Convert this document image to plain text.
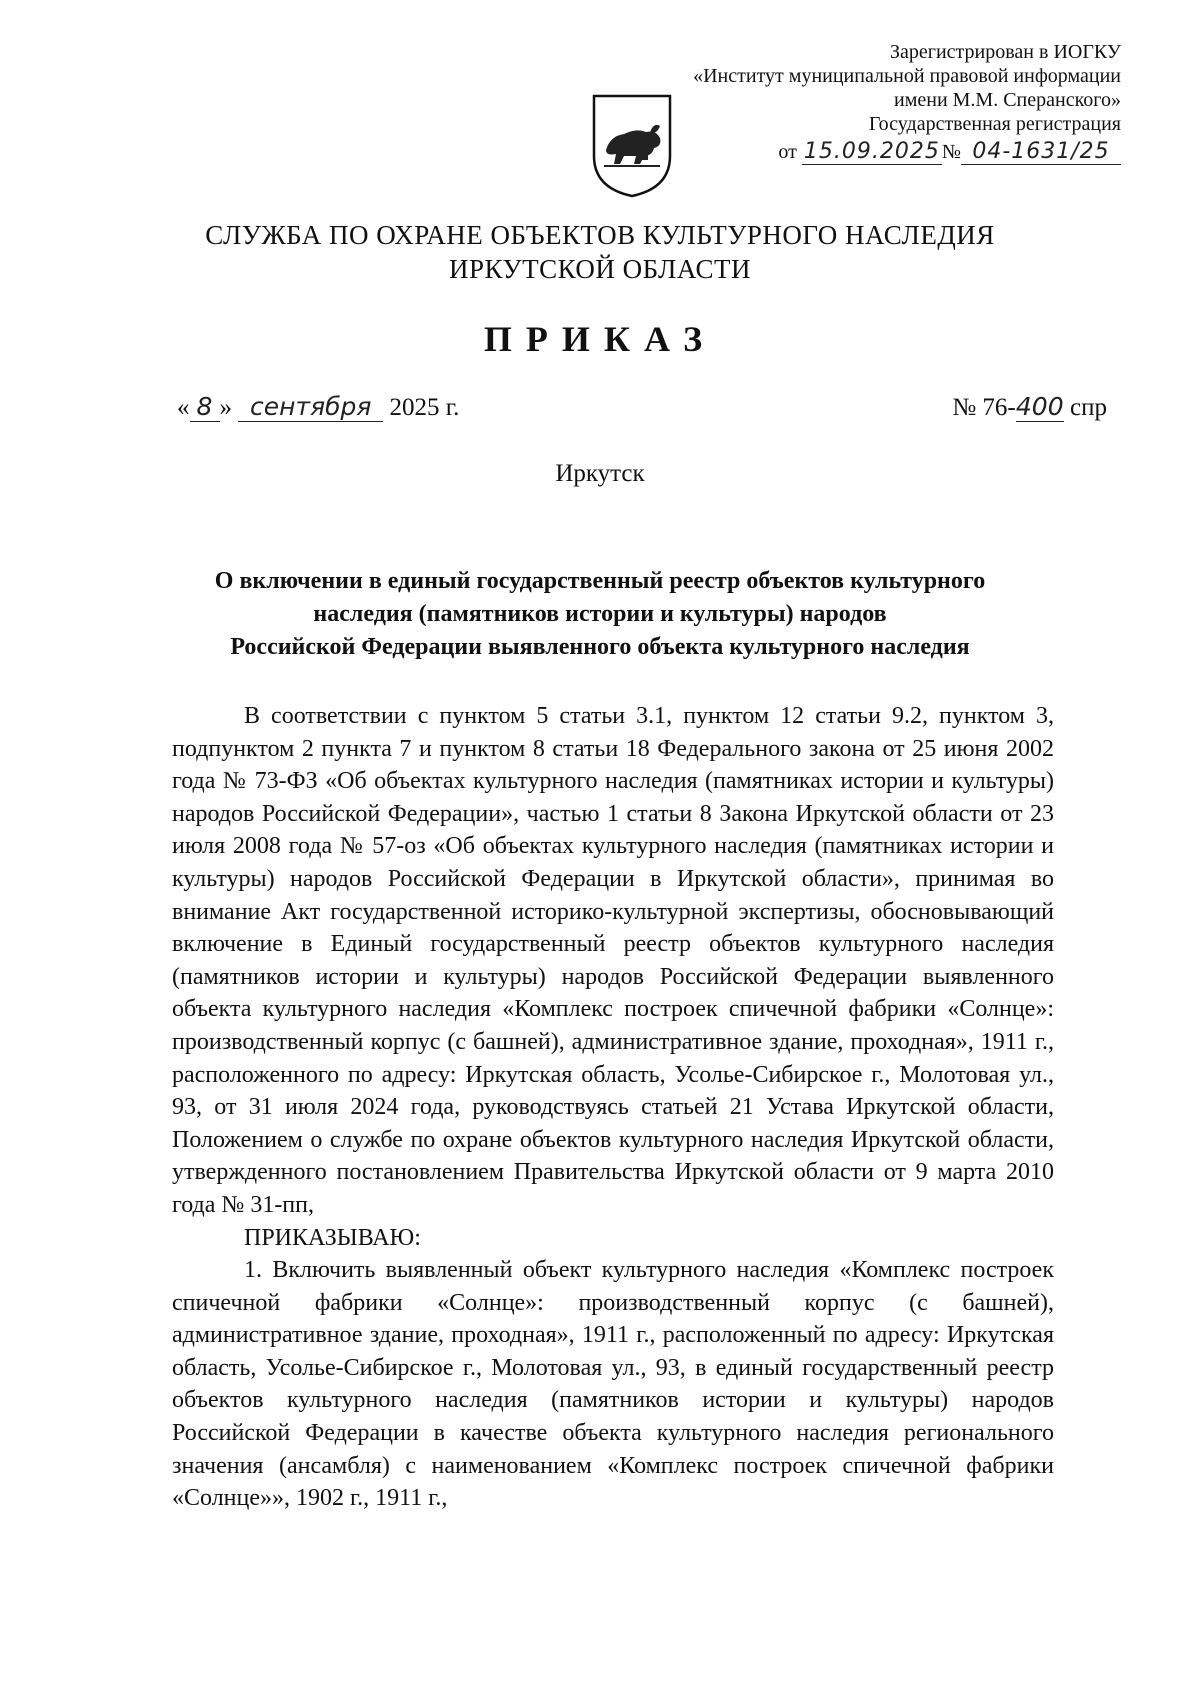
Зарегистрирован в ИОГКУ
«Институт муниципальной правовой информации
имени М.М. Сперанского»
Государственная регистрация
от 15.09.2025 № 04-1631/25
СЛУЖБА ПО ОХРАНЕ ОБЪЕКТОВ КУЛЬТУРНОГО НАСЛЕДИЯ
ИРКУТСКОЙ ОБЛАСТИ
ПРИКАЗ
« 8 » сентября 2025 г.	№ 76-400 спр
Иркутск
О включении в единый государственный реестр объектов культурного
наследия (памятников истории и культуры) народов
Российской Федерации выявленного объекта культурного наследия

В соответствии с пунктом 5 статьи 3.1, пунктом 12 статьи 9.2, пунктом 3, подпунктом 2 пункта 7 и пунктом 8 статьи 18 Федерального закона от 25 июня 2002 года № 73-ФЗ «Об объектах культурного наследия (памятниках истории и культуры) народов Российской Федерации», частью 1 статьи 8 Закона Иркутской области от 23 июля 2008 года № 57-оз «Об объектах культурного наследия (памятниках истории и культуры) народов Российской Федерации в Иркутской области», принимая во внимание Акт государственной историко-культурной экспертизы, обосновывающий включение в Единый государственный реестр объектов культурного наследия (памятников истории и культуры) народов Российской Федерации выявленного объекта культурного наследия «Комплекс построек спичечной фабрики «Солнце»: производственный корпус (с башней), административное здание, проходная», 1911 г., расположенного по адресу: Иркутская область, Усолье-Сибирское г., Молотовая ул., 93, от 31 июля 2024 года, руководствуясь статьей 21 Устава Иркутской области, Положением о службе по охране объектов культурного наследия Иркутской области, утвержденного постановлением Правительства Иркутской области от 9 марта 2010 года № 31-пп,

ПРИКАЗЫВАЮ:

1. Включить выявленный объект культурного наследия «Комплекс построек спичечной фабрики «Солнце»: производственный корпус (с башней), административное здание, проходная», 1911 г., расположенный по адресу: Иркутская область, Усолье-Сибирское г., Молотовая ул., 93, в единый государственный реестр объектов культурного наследия (памятников истории и культуры) народов Российской Федерации в качестве объекта культурного наследия регионального значения (ансамбля) с наименованием «Комплекс построек спичечной фабрики «Солнце»», 1902 г., 1911 г.,
